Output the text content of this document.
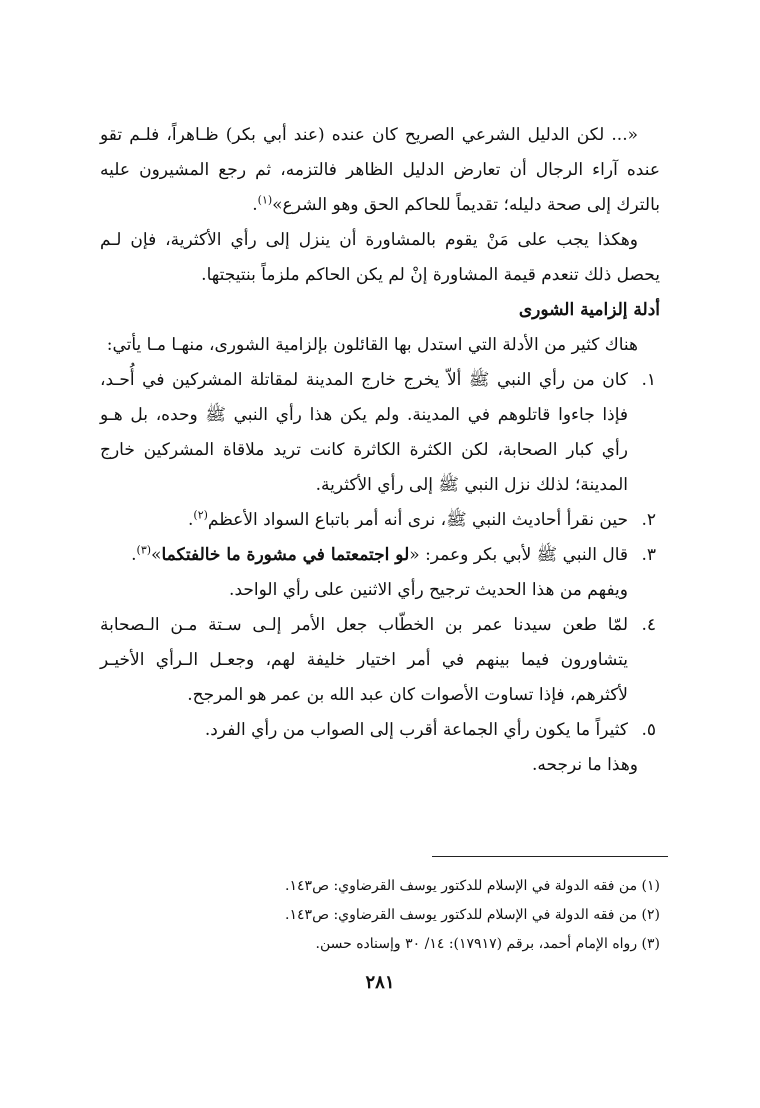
«... لكن الدليل الشرعي الصريح كان عنده (عند أبي بكر) ظـاهراً، فلـم تقو عنده آراء الرجال أن تعارض الدليل الظاهر فالتزمه، ثم رجع المشيرون عليه بالترك إلى صحة دليله؛ تقديماً للحاكم الحق وهو الشرع»$^{(١)}$.

وهكذا يجب على مَنْ يقوم بالمشاورة أن ينزل إلى رأي الأكثرية، فإن لـم يحصل ذلك تنعدم قيمة المشاورة إنْ لم يكن الحاكم ملزماً بنتيجتها.

أدلة إلزامية الشورى

هناك كثير من الأدلة التي استدل بها القائلون بإلزامية الشورى، منهـا مـا يأتي:

١.
كان من رأي النبي ﷺ ألاّ يخرج خارج المدينة لمقاتلة المشركين في أُحـد، فإذا جاءوا قاتلوهم في المدينة. ولم يكن هذا رأي النبي ﷺ وحده، بل هـو رأي كبار الصحابة، لكن الكثرة الكاثرة كانت تريد ملاقاة المشركين خارج المدينة؛ لذلك نزل النبي ﷺ إلى رأي الأكثرية.
٢.
حين نقرأ أحاديث النبي ﷺ، نرى أنه أمر باتباع السواد الأعظم$^{(٢)}$.
٣.
قال النبي ﷺ لأبي بكر وعمر: «لو اجتمعتما في مشورة ما خالفتكما»$^{(٣)}$.
ويفهم من هذا الحديث ترجيح رأي الاثنين على رأي الواحد.
٤.
لمّا طعن سيدنا عمر بن الخطّاب جعل الأمر إلـى سـتة مـن الـصحابة يتشاورون فيما بينهم في أمر اختيار خليفة لهم، وجعـل الـرأي الأخيـر لأكثرهم، فإذا تساوت الأصوات كان عبد الله بن عمر هو المرجح.
٥.
كثيراً ما يكون رأي الجماعة أقرب إلى الصواب من رأي الفرد.

وهذا ما نرجحه.

(١) من فقه الدولة في الإسلام للدكتور يوسف القرضاوي: ص١٤٣.

(٢) من فقه الدولة في الإسلام للدكتور يوسف القرضاوي: ص١٤٣.

(٣) رواه الإمام أحمد، برقم (١٧٩١٧): ١٤/ ٣٠ وإسناده حسن.

٢٨١
